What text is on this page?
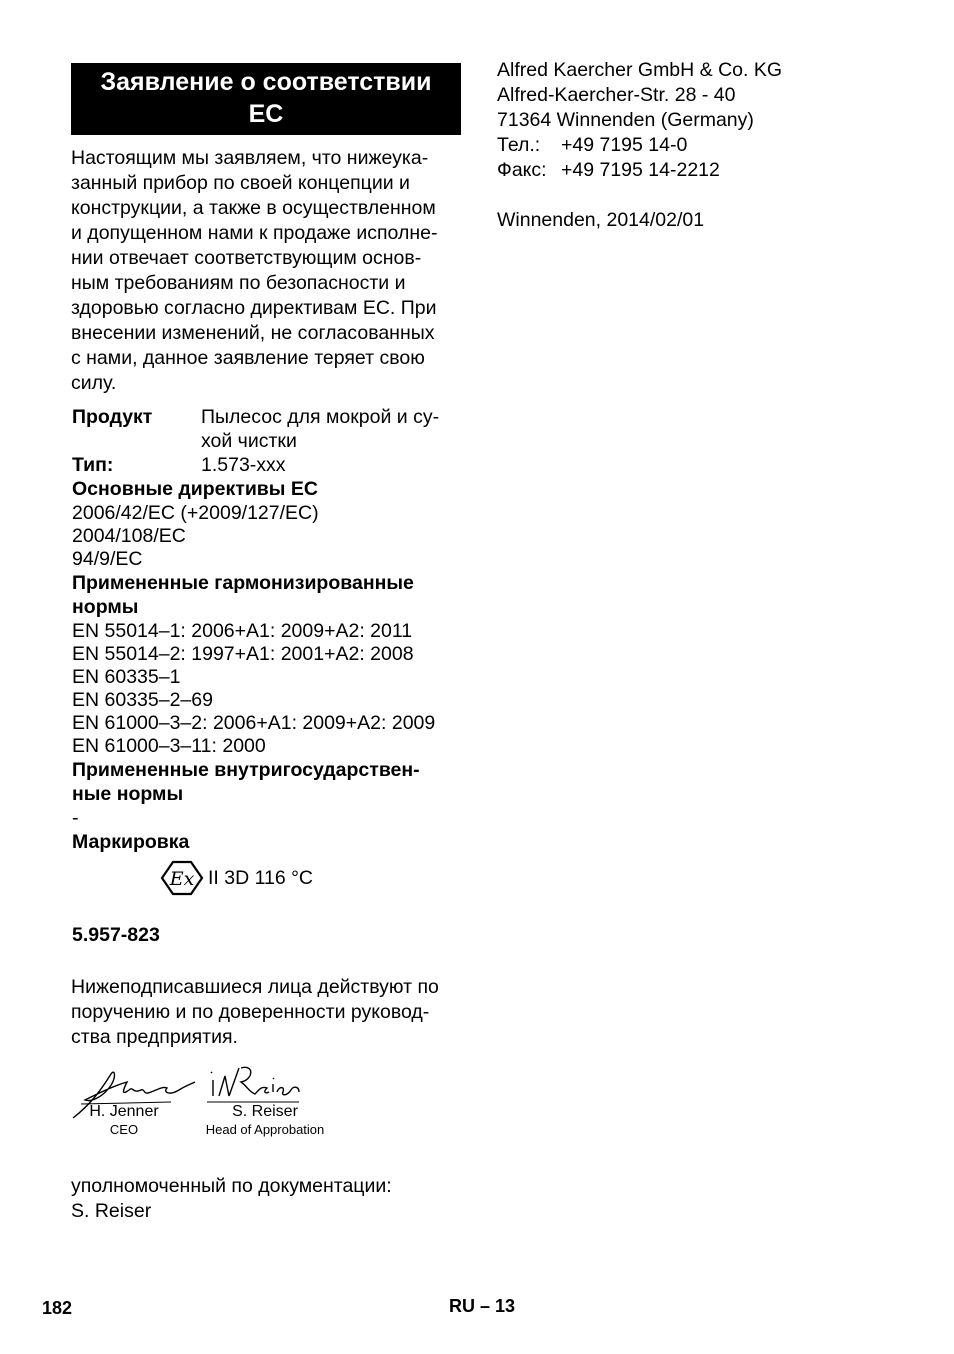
Заявление о соответствии
ЕС
Настоящим мы заявляем, что нижеука-
занный прибор по своей концепции и
конструкции, а также в осуществленном
и допущенном нами к продаже исполне-
нии отвечает соответствующим основ-
ным требованиям по безопасности и
здоровью согласно директивам ЕС. При
внесении изменений, не согласованных
с нами, данное заявление теряет свою
силу.
Продукт	Пылесос для мокрой и су-
хой чистки
Тип:	1.573-xxx
Основные директивы ЕС
2006/42/EC (+2009/127/EC)
2004/108/EC
94/9/EC
Примененные гармонизированные
нормы
EN 55014–1: 2006+A1: 2009+A2: 2011
EN 55014–2: 1997+A1: 2001+A2: 2008
EN 60335–1
EN 60335–2–69
EN 61000–3–2: 2006+A1: 2009+A2: 2009
EN 61000–3–11: 2000
Примененные внутригосударствен-
ные нормы
-
Маркировка
Ex II 3D 116 °C
5.957-823
Нижеподписавшиеся лица действуют по
поручению и по доверенности руковод-
ства предприятия.
H. Jenner
CEO
S. Reiser
Head of Approbation
уполномоченный по документации:
S. Reiser
Alfred Kaercher GmbH & Co. KG
Alfred-Kaercher-Str. 28 - 40
71364 Winnenden (Germany)
Тел.:	+49 7195 14-0
Факс: +49 7195 14-2212
Winnenden, 2014/02/01
182	RU – 13
